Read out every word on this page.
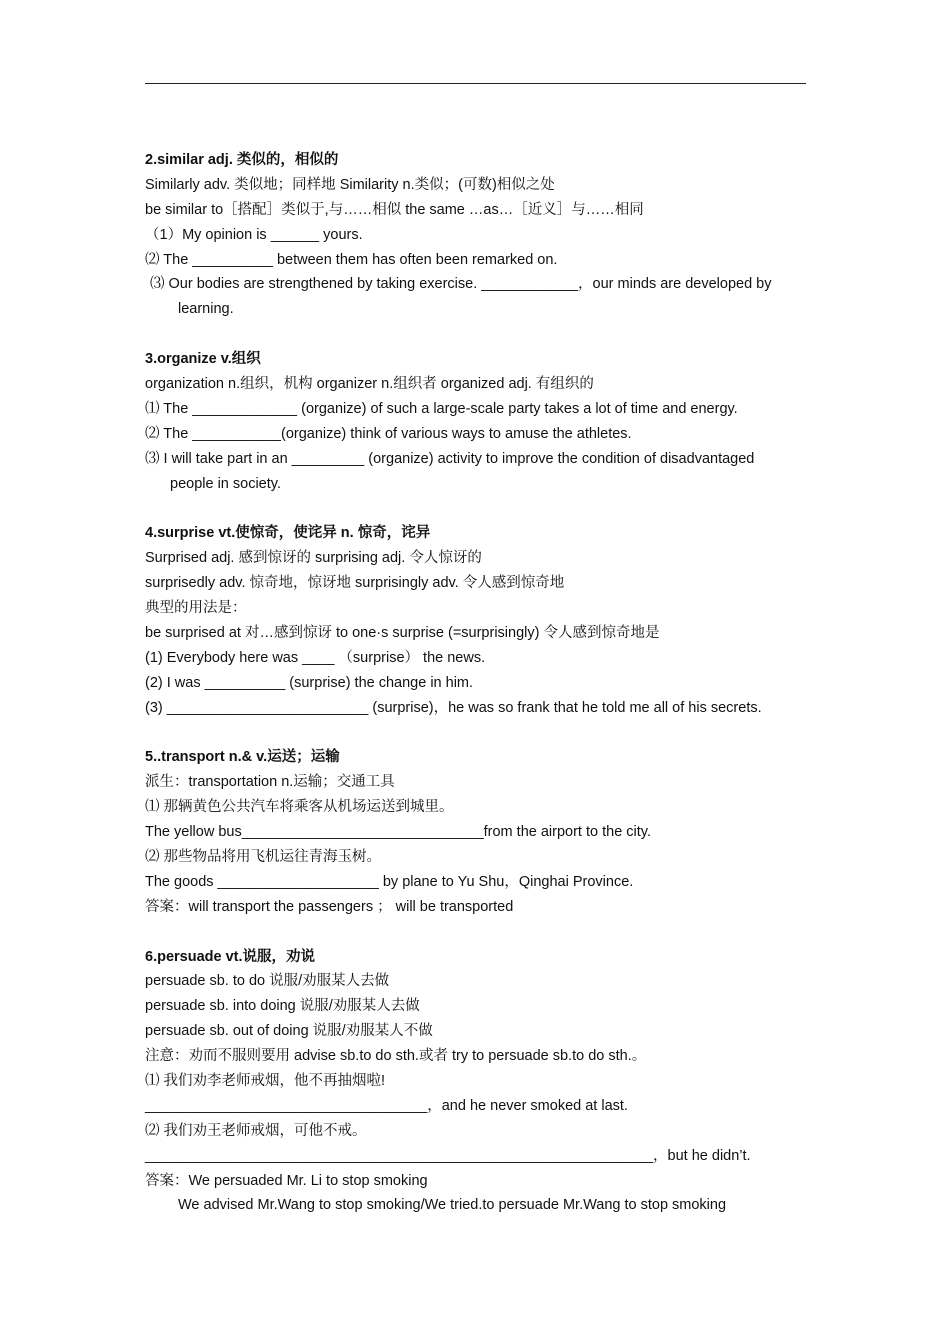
2.similar adj. 类似的，相似的
Similarly adv. 类似地；同样地 Similarity n.类似；(可数)相似之处
be similar to［搭配］类似于,与……相似 the same …as…［近义］与……相同
（1）My opinion is ______ yours.
⑵ The __________ between them has often been remarked on.
⑶ Our bodies are strengthened by taking exercise. ____________，our minds are developed by learning.
3.organize v.组织
organization n.组织，机构 organizer n.组织者 organized adj. 有组织的
⑴ The _____________ (organize) of such a large-scale party takes a lot of time and energy.
⑵ The ___________(organize) think of various ways to amuse the athletes.
⑶ I will take part in an _________ (organize) activity to improve the condition of disadvantaged
people in society.
4.surprise vt.使惊奇，使诧异 n. 惊奇，诧异
Surprised adj. 感到惊讶的 surprising adj. 令人惊讶的
surprisedly adv. 惊奇地，惊讶地 surprisingly adv. 令人感到惊奇地
典型的用法是：
be surprised at 对…感到惊讶 to one·s surprise (=surprisingly) 令人感到惊奇地是
(1) Everybody here was ____ （surprise） the news.
(2) I was __________ (surprise) the change in him.
(3) _________________________ (surprise)，he was so frank that he told me all of his secrets.
5..transport n.& v.运送；运输
派生：transportation n.运输；交通工具
⑴ 那辆黄色公共汽车将乘客从机场运送到城里。
The yellow bus______________________________from the airport to the city.
⑵ 那些物品将用飞机运往青海玉树。
The goods ____________________ by plane to Yu Shu，Qinghai Province.
答案：will transport the passengers ； will be transported
6.persuade vt.说服，劝说
persuade sb. to do 说服/劝服某人去做
persuade sb. into doing 说服/劝服某人去做
persuade sb. out of doing 说服/劝服某人不做
注意：劝而不服则要用 advise sb.to do sth.或者 try to persuade sb.to do sth.。
⑴ 我们劝李老师戒烟，他不再抽烟啦!
___________________________________，and he never smoked at last.
⑵ 我们劝王老师戒烟，可他不戒。
_______________________________________________________________，but he didn’t.
答案：We persuaded Mr. Li to stop smoking
We advised Mr.Wang to stop smoking/We tried.to persuade Mr.Wang to stop smoking
